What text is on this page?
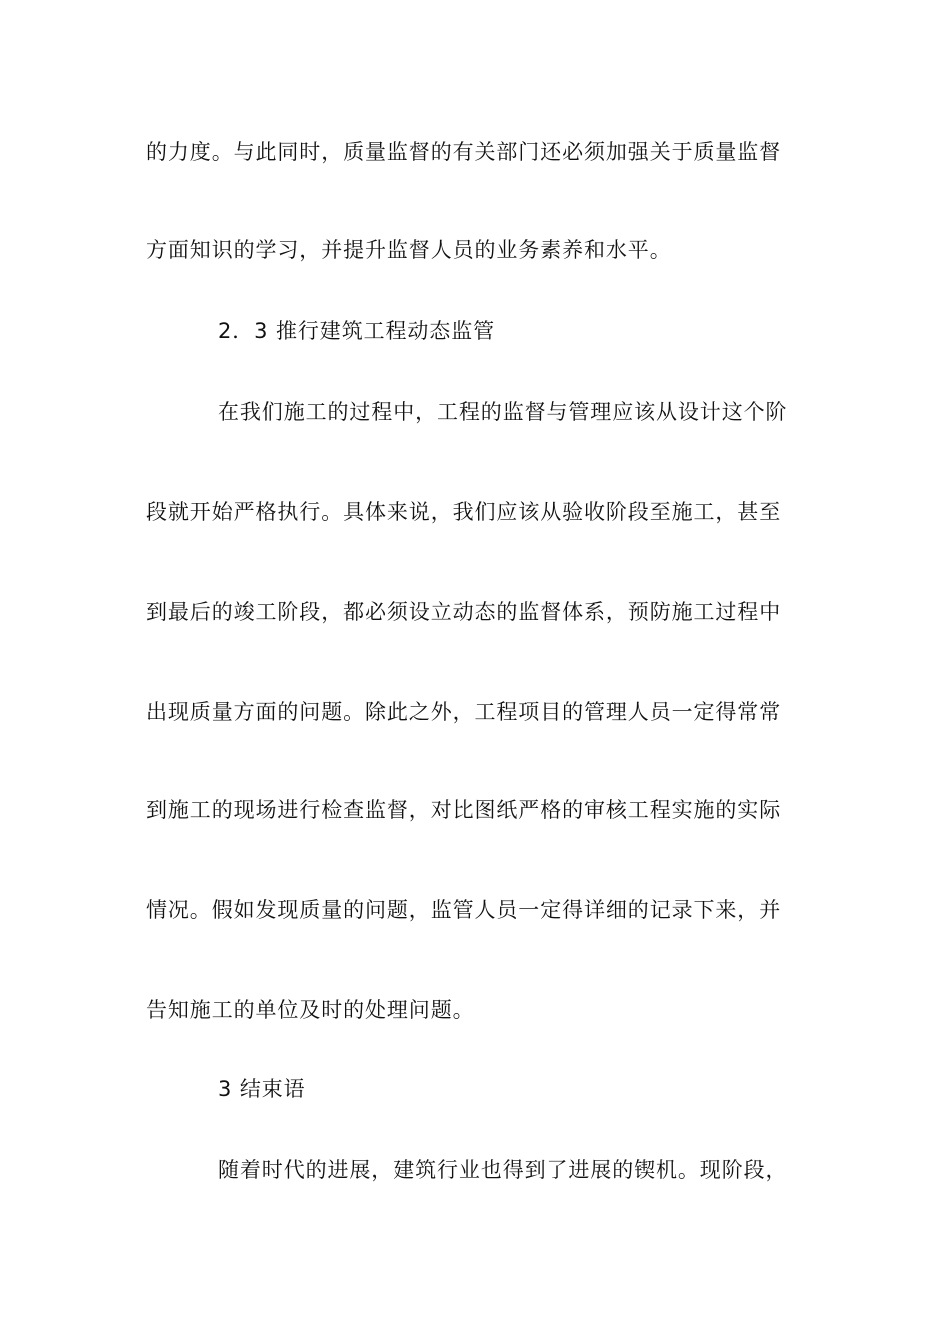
的力度。与此同时，质量监督的有关部门还必须加强关于质量监督
方面知识的学习，并提升监督人员的业务素养和水平。
2．3 推行建筑工程动态监管
在我们施工的过程中，工程的监督与管理应该从设计这个阶
段就开始严格执行。具体来说，我们应该从验收阶段至施工，甚至
到最后的竣工阶段，都必须设立动态的监督体系，预防施工过程中
出现质量方面的问题。除此之外，工程项目的管理人员一定得常常
到施工的现场进行检查监督，对比图纸严格的审核工程实施的实际
情况。假如发现质量的问题，监管人员一定得详细的记录下来，并
告知施工的单位及时的处理问题。
3 结束语
随着时代的进展，建筑行业也得到了进展的锲机。现阶段，
